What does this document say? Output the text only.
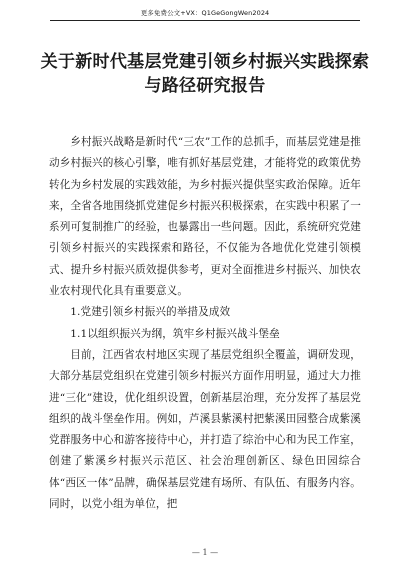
更多免费公文+VX：Q1GeGongWen2024
关于新时代基层党建引领乡村振兴实践探索与路径研究报告

乡村振兴战略是新时代“三农”工作的总抓手，而基层党建是推动乡村振兴的核心引擎，唯有抓好基层党建，才能将党的政策优势转化为乡村发展的实践效能，为乡村振兴提供坚实政治保障。近年来，全省各地围绕抓党建促乡村振兴积极探索，在实践中积累了一系列可复制推广的经验，也暴露出一些问题。因此，系统研究党建引领乡村振兴的实践探索和路径，不仅能为各地优化党建引领模式、提升乡村振兴质效提供参考，更对全面推进乡村振兴、加快农业农村现代化具有重要意义。

1.党建引领乡村振兴的举措及成效

1.1以组织振兴为纲，筑牢乡村振兴战斗堡垒

目前，江西省农村地区实现了基层党组织全覆盖，调研发现，大部分基层党组织在党建引领乡村振兴方面作用明显，通过大力推进“三化”建设，优化组织设置，创新基层治理，充分发挥了基层党组织的战斗堡垒作用。例如，芦溪县紫溪村把紫溪田园整合成紫溪党群服务中心和游客接待中心，并打造了综治中心和为民工作室，创建了紫溪乡村振兴示范区、社会治理创新区、绿色田园综合体“西区一体”品牌，确保基层党建有场所、有队伍、有服务内容。同时，以党小组为单位，把

— 1 —
